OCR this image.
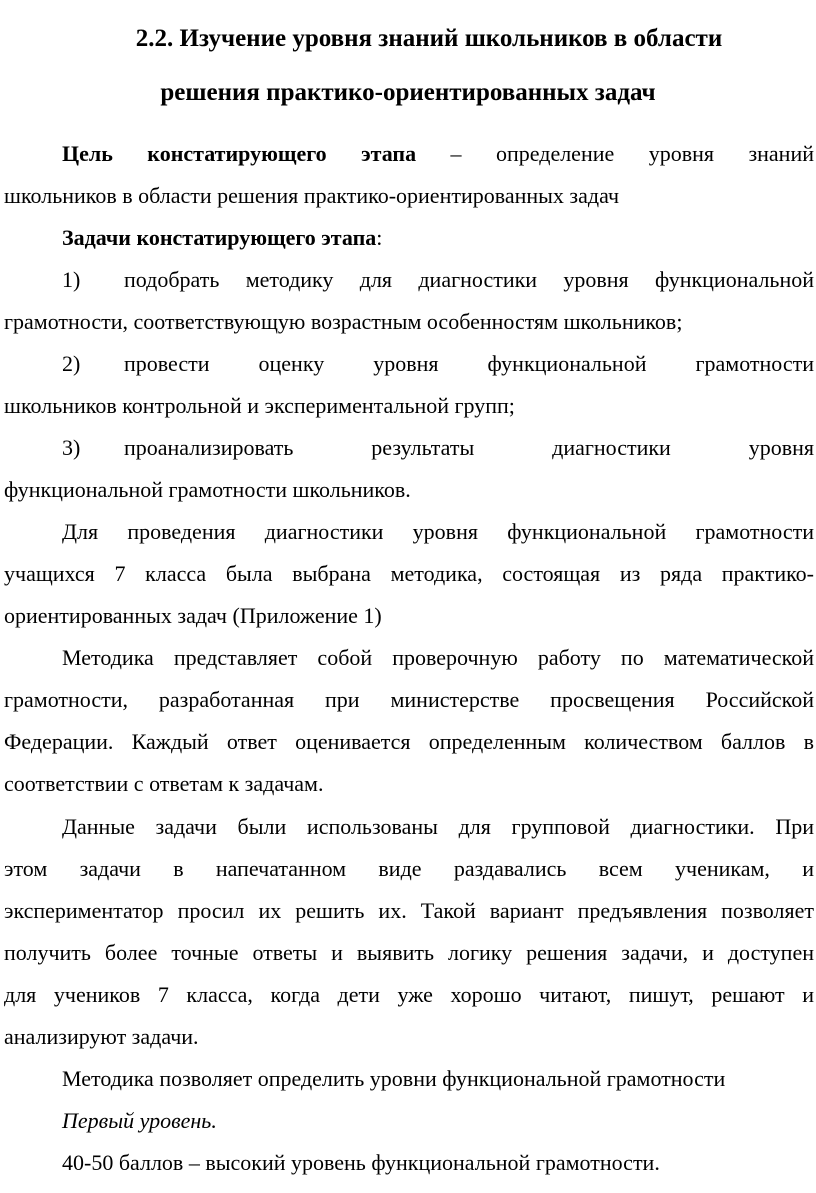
2.2. Изучение уровня знаний школьников в области
решения практико-ориентированных задач
Цель констатирующего этапа – определение уровня знаний
школьников в области решения практико-ориентированных задач
Задачи констатирующего этапа:
1) подобрать методику для диагностики уровня функциональной
грамотности, соответствующую возрастным особенностям школьников;
2) провести оценку уровня функциональной грамотности
школьников контрольной и экспериментальной групп;
3) проанализировать результаты диагностики уровня
функциональной грамотности школьников.
Для проведения диагностики уровня функциональной грамотности
учащихся 7 класса была выбрана методика, состоящая из ряда практико-
ориентированных задач (Приложение 1)
Методика представляет собой проверочную работу по математической
грамотности, разработанная при министерстве просвещения Российской
Федерации. Каждый ответ оценивается определенным количеством баллов в
соответствии с ответам к задачам.
Данные задачи были использованы для групповой диагностики. При
этом задачи в напечатанном виде раздавались всем ученикам, и
экспериментатор просил их решить их. Такой вариант предъявления позволяет
получить более точные ответы и выявить логику решения задачи, и доступен
для учеников 7 класса, когда дети уже хорошо читают, пишут, решают и
анализируют задачи.
Методика позволяет определить уровни функциональной грамотности
Первый уровень.
40-50 баллов – высокий уровень функциональной грамотности.
